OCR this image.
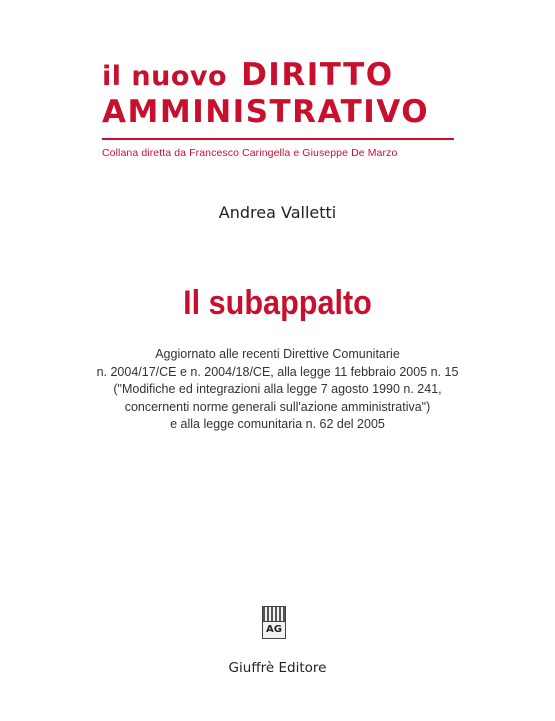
il nuovo DIRITTO
AMMINISTRATIVO
Collana diretta da Francesco Caringella e Giuseppe De Marzo
Andrea Valletti
Il subappalto
Aggiornato alle recenti Direttive Comunitarie
n. 2004/17/CE e n. 2004/18/CE, alla legge 11 febbraio 2005 n. 15
("Modifiche ed integrazioni alla legge 7 agosto 1990 n. 241,
concernenti norme generali sull'azione amministrativa")
e alla legge comunitaria n. 62 del 2005
AG
Giuffrè Editore
